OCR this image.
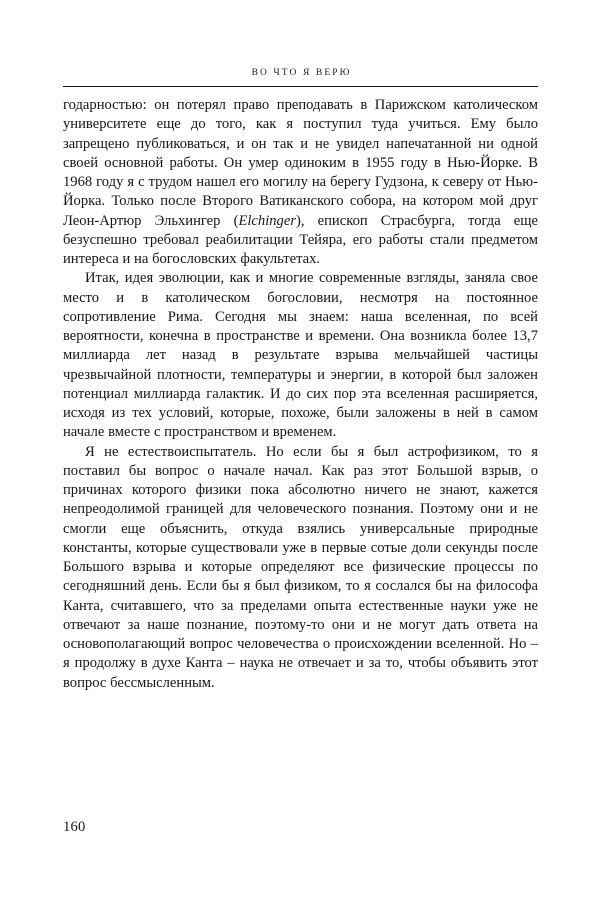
ВО ЧТО Я ВЕРЮ

годарностью: он потерял право преподавать в Парижском католическом университете еще до того, как я поступил туда учиться. Ему было запрещено публиковаться, и он так и не увидел напечатанной ни одной своей основной работы. Он умер одиноким в 1955 году в Нью-Йорке. В 1968 году я с трудом нашел его могилу на берегу Гудзона, к северу от Нью-Йорка. Только после Второго Ватиканского собора, на котором мой друг Леон-Артюр Эльхингер (Elchinger), епископ Страсбурга, тогда еще безуспешно требовал реабилитации Тейяра, его работы стали предметом интереса и на богословских факультетах.

Итак, идея эволюции, как и многие современные взгляды, заняла свое место и в католическом богословии, несмотря на постоянное сопротивление Рима. Сегодня мы знаем: наша вселенная, по всей вероятности, конечна в пространстве и времени. Она возникла более 13,7 миллиарда лет назад в результате взрыва мельчайшей частицы чрезвычайной плотности, температуры и энергии, в которой был заложен потенциал миллиарда галактик. И до сих пор эта вселенная расширяется, исходя из тех условий, которые, похоже, были заложены в ней в самом начале вместе с пространством и временем.

Я не естествоиспытатель. Но если бы я был астрофизиком, то я поставил бы вопрос о начале начал. Как раз этот Большой взрыв, о причинах которого физики пока абсолютно ничего не знают, кажется непреодолимой границей для человеческого познания. Поэтому они и не смогли еще объяснить, откуда взялись универсальные природные константы, которые существовали уже в первые сотые доли секунды после Большого взрыва и которые определяют все физические процессы по сегодняшний день. Если бы я был физиком, то я сослался бы на философа Канта, считавшего, что за пределами опыта естественные науки уже не отвечают за наше познание, поэтому-то они и не могут дать ответа на основополагающий вопрос человечества о происхождении вселенной. Но – я продолжу в духе Канта – наука не отвечает и за то, чтобы объявить этот вопрос бессмысленным.

160
